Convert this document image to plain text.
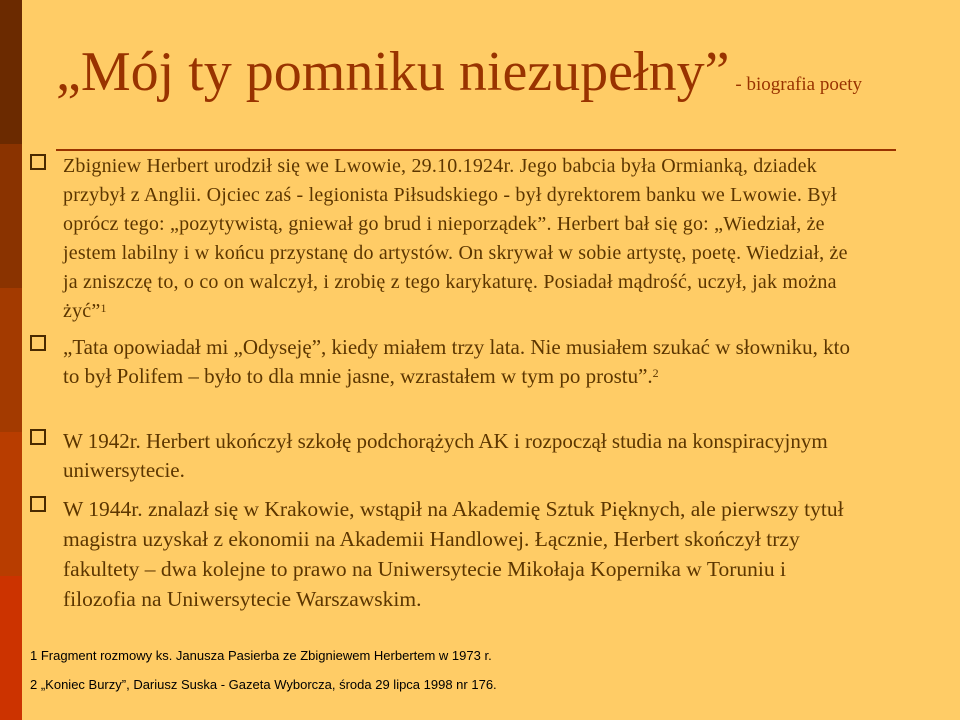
„Mój ty pomniku niezupełny” - biografia poety
Zbigniew Herbert urodził się we Lwowie, 29.10.1924r. Jego babcia była Ormianką, dziadek przybył z Anglii. Ojciec zaś - legionista Piłsudskiego - był dyrektorem banku we Lwowie. Był oprócz tego: „pozytywistą, gniewał go brud i nieporządek”. Herbert bał się go: „Wiedział, że jestem labilny i w końcu przystanę do artystów. On skrywał w sobie artystę, poetę. Wiedział, że ja zniszczę to, o co on walczył, i zrobię z tego karykaturę. Posiadał mądrość, uczył, jak można żyć”$^1$
„Tata opowiadał mi „Odyseję”, kiedy miałem trzy lata. Nie musiałem szukać w słowniku, kto to był Polifem – było to dla mnie jasne, wzrastałem w tym po prostu”.$^2$
W 1942r. Herbert ukończył szkołę podchorążych AK i rozpoczął studia na konspiracyjnym uniwersytecie.
W 1944r. znalazł się w Krakowie, wstąpił na Akademię Sztuk Pięknych, ale pierwszy tytuł magistra uzyskał z ekonomii na Akademii Handlowej. Łącznie, Herbert skończył trzy fakultety – dwa kolejne to prawo na Uniwersytecie Mikołaja Kopernika w Toruniu i filozofia na Uniwersytecie Warszawskim.
1 Fragment rozmowy ks. Janusza Pasierba ze Zbigniewem Herbertem w 1973 r.
2 „Koniec Burzy”, Dariusz Suska - Gazeta Wyborcza, środa 29 lipca 1998 nr 176.
